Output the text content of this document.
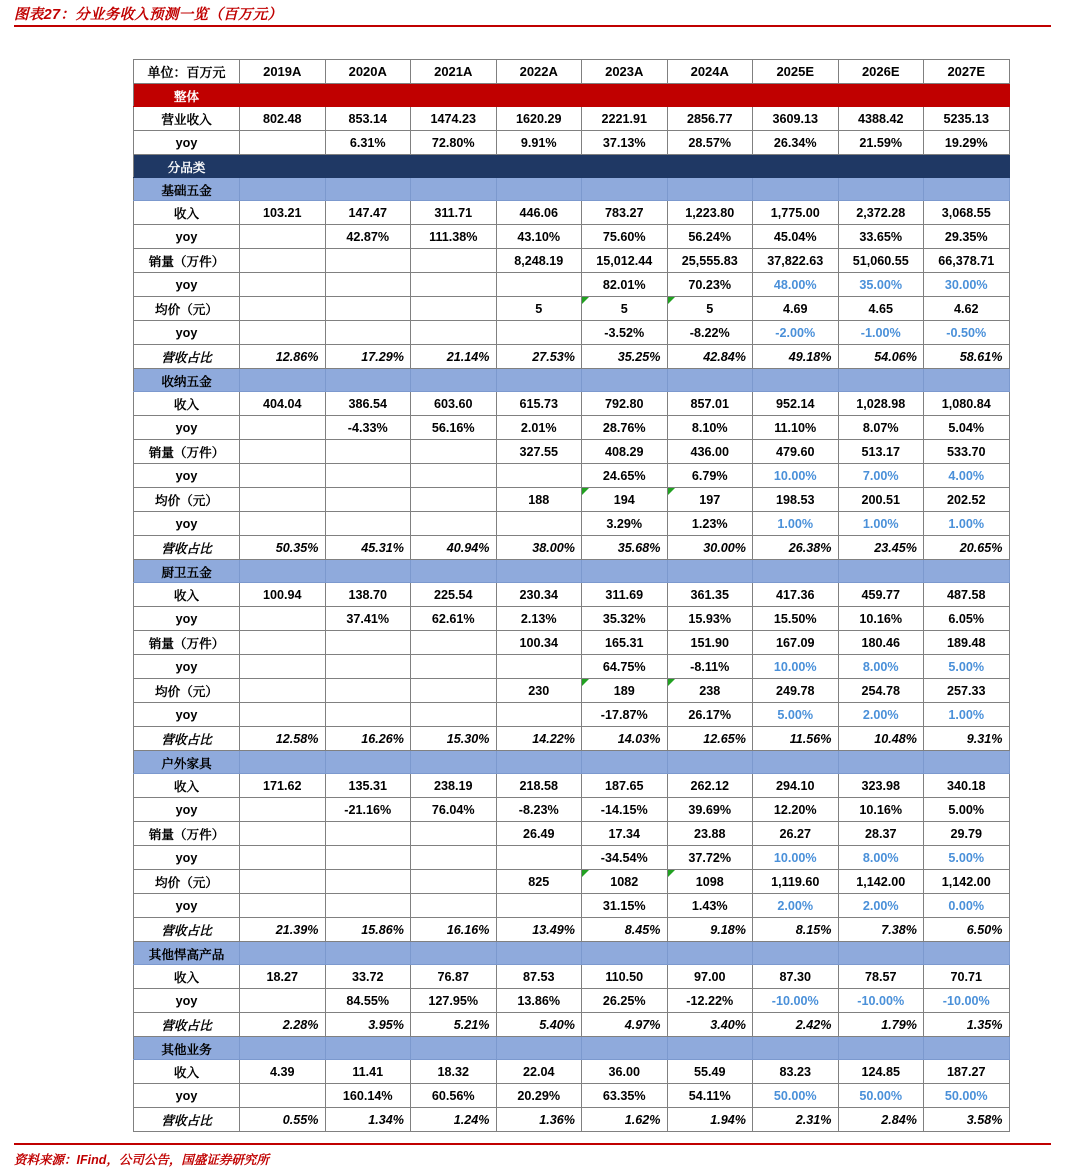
图表27：分业务收入预测一览（百万元）
单位：百万元	2019A	2020A	2021A	2022A	2023A	2024A	2025E	2026E	2027E
整体									
营业收入	802.48	853.14	1474.23	1620.29	2221.91	2856.77	3609.13	4388.42	5235.13
yoy		6.31%	72.80%	9.91%	37.13%	28.57%	26.34%	21.59%	19.29%
分品类									
基础五金									
收入	103.21	147.47	311.71	446.06	783.27	1,223.80	1,775.00	2,372.28	3,068.55
yoy		42.87%	111.38%	43.10%	75.60%	56.24%	45.04%	33.65%	29.35%
销量（万件）				8,248.19	15,012.44	25,555.83	37,822.63	51,060.55	66,378.71
yoy					82.01%	70.23%	48.00%	35.00%	30.00%
均价（元）				5	5	5	4.69	4.65	4.62
yoy					-3.52%	-8.22%	-2.00%	-1.00%	-0.50%
营收占比	12.86%	17.29%	21.14%	27.53%	35.25%	42.84%	49.18%	54.06%	58.61%
收纳五金									
收入	404.04	386.54	603.60	615.73	792.80	857.01	952.14	1,028.98	1,080.84
yoy		-4.33%	56.16%	2.01%	28.76%	8.10%	11.10%	8.07%	5.04%
销量（万件）				327.55	408.29	436.00	479.60	513.17	533.70
yoy					24.65%	6.79%	10.00%	7.00%	4.00%
均价（元）				188	194	197	198.53	200.51	202.52
yoy					3.29%	1.23%	1.00%	1.00%	1.00%
营收占比	50.35%	45.31%	40.94%	38.00%	35.68%	30.00%	26.38%	23.45%	20.65%
厨卫五金									
收入	100.94	138.70	225.54	230.34	311.69	361.35	417.36	459.77	487.58
yoy		37.41%	62.61%	2.13%	35.32%	15.93%	15.50%	10.16%	6.05%
销量（万件）				100.34	165.31	151.90	167.09	180.46	189.48
yoy					64.75%	-8.11%	10.00%	8.00%	5.00%
均价（元）				230	189	238	249.78	254.78	257.33
yoy					-17.87%	26.17%	5.00%	2.00%	1.00%
营收占比	12.58%	16.26%	15.30%	14.22%	14.03%	12.65%	11.56%	10.48%	9.31%
户外家具									
收入	171.62	135.31	238.19	218.58	187.65	262.12	294.10	323.98	340.18
yoy		-21.16%	76.04%	-8.23%	-14.15%	39.69%	12.20%	10.16%	5.00%
销量（万件）				26.49	17.34	23.88	26.27	28.37	29.79
yoy					-34.54%	37.72%	10.00%	8.00%	5.00%
均价（元）				825	1082	1098	1,119.60	1,142.00	1,142.00
yoy					31.15%	1.43%	2.00%	2.00%	0.00%
营收占比	21.39%	15.86%	16.16%	13.49%	8.45%	9.18%	8.15%	7.38%	6.50%
其他悍高产品									
收入	18.27	33.72	76.87	87.53	110.50	97.00	87.30	78.57	70.71
yoy		84.55%	127.95%	13.86%	26.25%	-12.22%	-10.00%	-10.00%	-10.00%
营收占比	2.28%	3.95%	5.21%	5.40%	4.97%	3.40%	2.42%	1.79%	1.35%
其他业务									
收入	4.39	11.41	18.32	22.04	36.00	55.49	83.23	124.85	187.27
yoy		160.14%	60.56%	20.29%	63.35%	54.11%	50.00%	50.00%	50.00%
营收占比	0.55%	1.34%	1.24%	1.36%	1.62%	1.94%	2.31%	2.84%	3.58%
资料来源：IFind，公司公告，国盛证券研究所
